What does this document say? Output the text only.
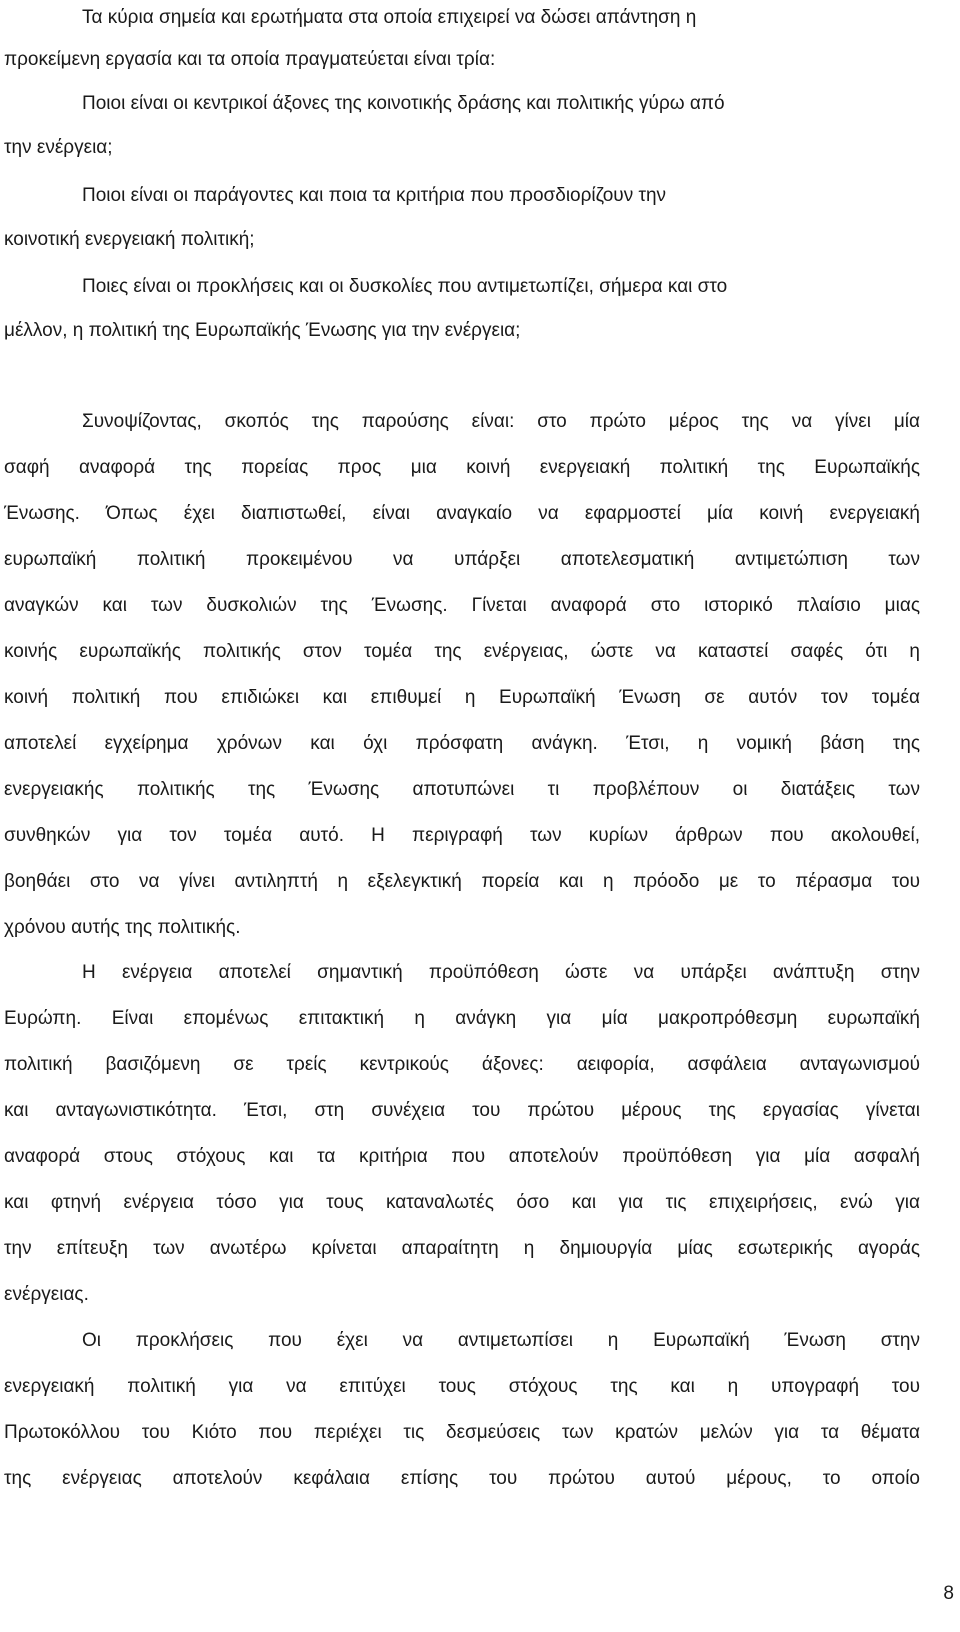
Τα κύρια σημεία και ερωτήματα στα οποία επιχειρεί να δώσει απάντηση η
προκείμενη εργασία και τα οποία πραγματεύεται είναι τρία:
Ποιοι είναι οι κεντρικοί άξονες της κοινοτικής δράσης και πολιτικής γύρω από
την ενέργεια;
Ποιοι είναι οι παράγοντες και ποια τα κριτήρια που προσδιορίζουν την
κοινοτική ενεργειακή πολιτική;
Ποιες είναι οι προκλήσεις και οι δυσκολίες που αντιμετωπίζει, σήμερα και στο
μέλλον, η πολιτική της Ευρωπαϊκής Ένωσης για την ενέργεια;
Συνοψίζοντας, σκοπός της παρούσης είναι: στο πρώτο μέρος της να γίνει μία
σαφή αναφορά της πορείας προς μια κοινή ενεργειακή πολιτική της Ευρωπαϊκής
Ένωσης. Όπως έχει διαπιστωθεί, είναι αναγκαίο να εφαρμοστεί μία κοινή ενεργειακή
ευρωπαϊκή πολιτική προκειμένου να υπάρξει αποτελεσματική αντιμετώπιση των
αναγκών και των δυσκολιών της Ένωσης. Γίνεται αναφορά στο ιστορικό πλαίσιο μιας
κοινής ευρωπαϊκής πολιτικής στον τομέα της ενέργειας, ώστε να καταστεί σαφές ότι η
κοινή πολιτική που επιδιώκει και επιθυμεί η Ευρωπαϊκή Ένωση σε αυτόν τον τομέα
αποτελεί εγχείρημα χρόνων και όχι πρόσφατη ανάγκη. Έτσι, η νομική βάση της
ενεργειακής πολιτικής της Ένωσης αποτυπώνει τι προβλέπουν οι διατάξεις των
συνθηκών για τον τομέα αυτό. Η περιγραφή των κυρίων άρθρων που ακολουθεί,
βοηθάει στο να γίνει αντιληπτή η εξελεγκτική πορεία και η πρόοδο με το πέρασμα του
χρόνου αυτής της πολιτικής.
Η ενέργεια αποτελεί σημαντική προϋπόθεση ώστε να υπάρξει ανάπτυξη στην
Ευρώπη. Είναι επομένως επιτακτική η ανάγκη για μία μακροπρόθεσμη ευρωπαϊκή
πολιτική βασιζόμενη σε τρείς κεντρικούς άξονες: αειφορία, ασφάλεια ανταγωνισμού
και ανταγωνιστικότητα. Έτσι, στη συνέχεια του πρώτου μέρους της εργασίας γίνεται
αναφορά στους στόχους και τα κριτήρια που αποτελούν προϋπόθεση για μία ασφαλή
και φτηνή ενέργεια τόσο για τους καταναλωτές όσο και για τις επιχειρήσεις, ενώ για
την επίτευξη των ανωτέρω κρίνεται απαραίτητη η δημιουργία μίας εσωτερικής αγοράς
ενέργειας.
Οι προκλήσεις που έχει να αντιμετωπίσει η Ευρωπαϊκή Ένωση στην
ενεργειακή πολιτική για να επιτύχει τους στόχους της και η υπογραφή του
Πρωτοκόλλου του Κιότο που περιέχει τις δεσμεύσεις των κρατών μελών για τα θέματα
της ενέργειας αποτελούν κεφάλαια επίσης του πρώτου αυτού μέρους, το οποίο
8
